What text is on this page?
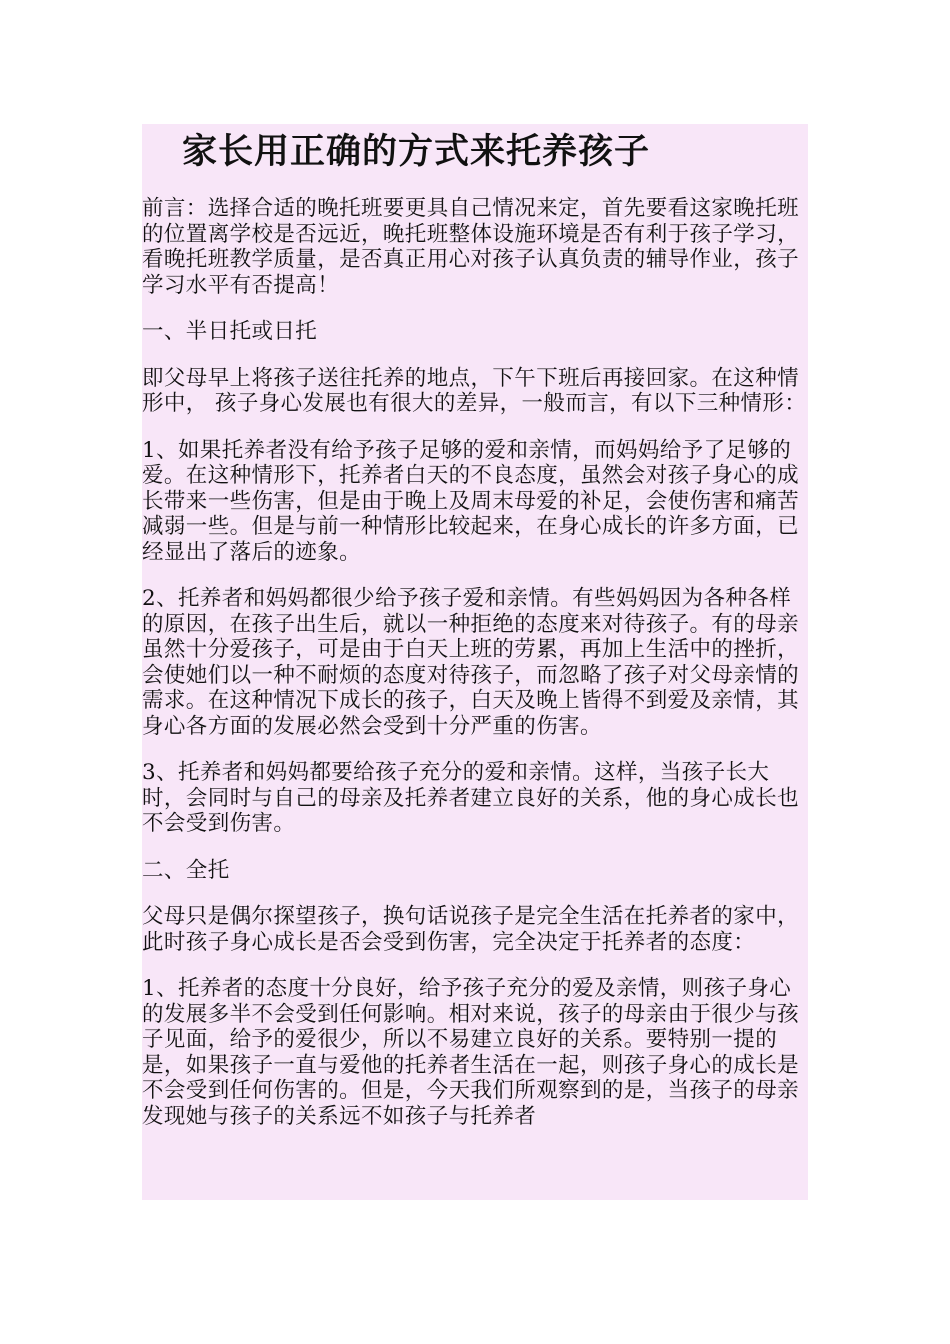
家长用正确的方式来托养孩子

前言：选择合适的晚托班要更具自己情况来定，首先要看这家晚托班的位置离学校是否远近，晚托班整体设施环境是否有利于孩子学习，看晚托班教学质量，是否真正用心对孩子认真负责的辅导作业，孩子学习水平有否提高！

一、半日托或日托

即父母早上将孩子送往托养的地点，下午下班后再接回家。在这种情形中， 孩子身心发展也有很大的差异，一般而言，有以下三种情形：

1、如果托养者没有给予孩子足够的爱和亲情，而妈妈给予了足够的爱。在这种情形下，托养者白天的不良态度，虽然会对孩子身心的成长带来一些伤害，但是由于晚上及周末母爱的补足，会使伤害和痛苦减弱一些。但是与前一种情形比较起来，在身心成长的许多方面，已经显出了落后的迹象。

2、托养者和妈妈都很少给予孩子爱和亲情。有些妈妈因为各种各样的原因，在孩子出生后，就以一种拒绝的态度来对待孩子。有的母亲虽然十分爱孩子，可是由于白天上班的劳累，再加上生活中的挫折，会使她们以一种不耐烦的态度对待孩子，而忽略了孩子对父母亲情的需求。在这种情况下成长的孩子，白天及晚上皆得不到爱及亲情，其身心各方面的发展必然会受到十分严重的伤害。

3、托养者和妈妈都要给孩子充分的爱和亲情。这样，当孩子长大时，会同时与自己的母亲及托养者建立良好的关系，他的身心成长也不会受到伤害。

二、全托

父母只是偶尔探望孩子，换句话说孩子是完全生活在托养者的家中，此时孩子身心成长是否会受到伤害，完全决定于托养者的态度：

1、托养者的态度十分良好，给予孩子充分的爱及亲情，则孩子身心的发展多半不会受到任何影响。相对来说，孩子的母亲由于很少与孩子见面，给予的爱很少，所以不易建立良好的关系。要特别一提的是，如果孩子一直与爱他的托养者生活在一起，则孩子身心的成长是不会受到任何伤害的。但是，今天我们所观察到的是，当孩子的母亲发现她与孩子的关系远不如孩子与托养者
